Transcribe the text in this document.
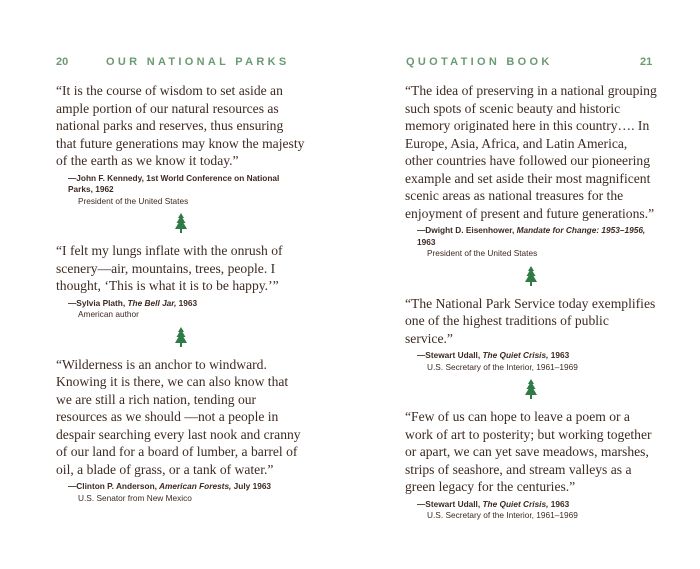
20	OUR NATIONAL PARKS

“It is the course of wisdom to set aside an ample portion of our natural resources as national parks and reserves, thus ensuring that future generations may know the majesty of the earth as we know it today.”

—John F. Kennedy, 1st World Conference on National Parks, 1962
President of the United States

“I felt my lungs inflate with the onrush of scenery—air, mountains, trees, people. I thought, ‘This is what it is to be happy.’”

—Sylvia Plath, The Bell Jar, 1963
American author

“Wilderness is an anchor to windward. Knowing it is there, we can also know that we are still a rich nation, tending our resources as we should —not a people in despair searching every last nook and cranny of our land for a board of lumber, a barrel of oil, a blade of grass, or a tank of water.”

—Clinton P. Anderson, American Forests, July 1963
U.S. Senator from New Mexico
QUOTATION BOOK	21

“The idea of preserving in a national grouping such spots of scenic beauty and historic memory originated here in this country…. In Europe, Asia, Africa, and Latin America, other countries have followed our pioneering example and set aside their most magnificent scenic areas as national treasures for the enjoyment of present and future generations.”

—Dwight D. Eisenhower, Mandate for Change: 1953–1956, 1963
President of the United States

“The National Park Service today exemplifies one of the highest traditions of public service.”

—Stewart Udall, The Quiet Crisis, 1963
U.S. Secretary of the Interior, 1961–1969

“Few of us can hope to leave a poem or a work of art to posterity; but working together or apart, we can yet save meadows, marshes, strips of seashore, and stream valleys as a green legacy for the centuries.”

—Stewart Udall, The Quiet Crisis, 1963
U.S. Secretary of the Interior, 1961–1969
